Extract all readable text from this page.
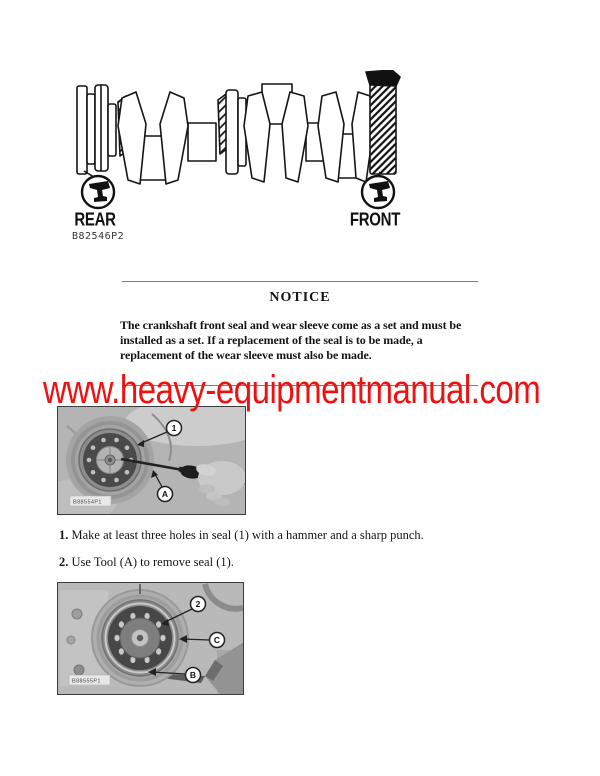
REAR	FRONT
B82546P2
NOTICE
The crankshaft front seal and wear sleeve come as a set and must be
installed as a set. If a replacement of the seal is to be made, a
replacement of the wear sleeve must also be made.
www.heavy-equipmentmanual.com
1
A
B88554P1
1. Make at least three holes in seal (1) with a hammer and a sharp punch.
2. Use Tool (A) to remove seal (1).
2
C
B
B88555P1
